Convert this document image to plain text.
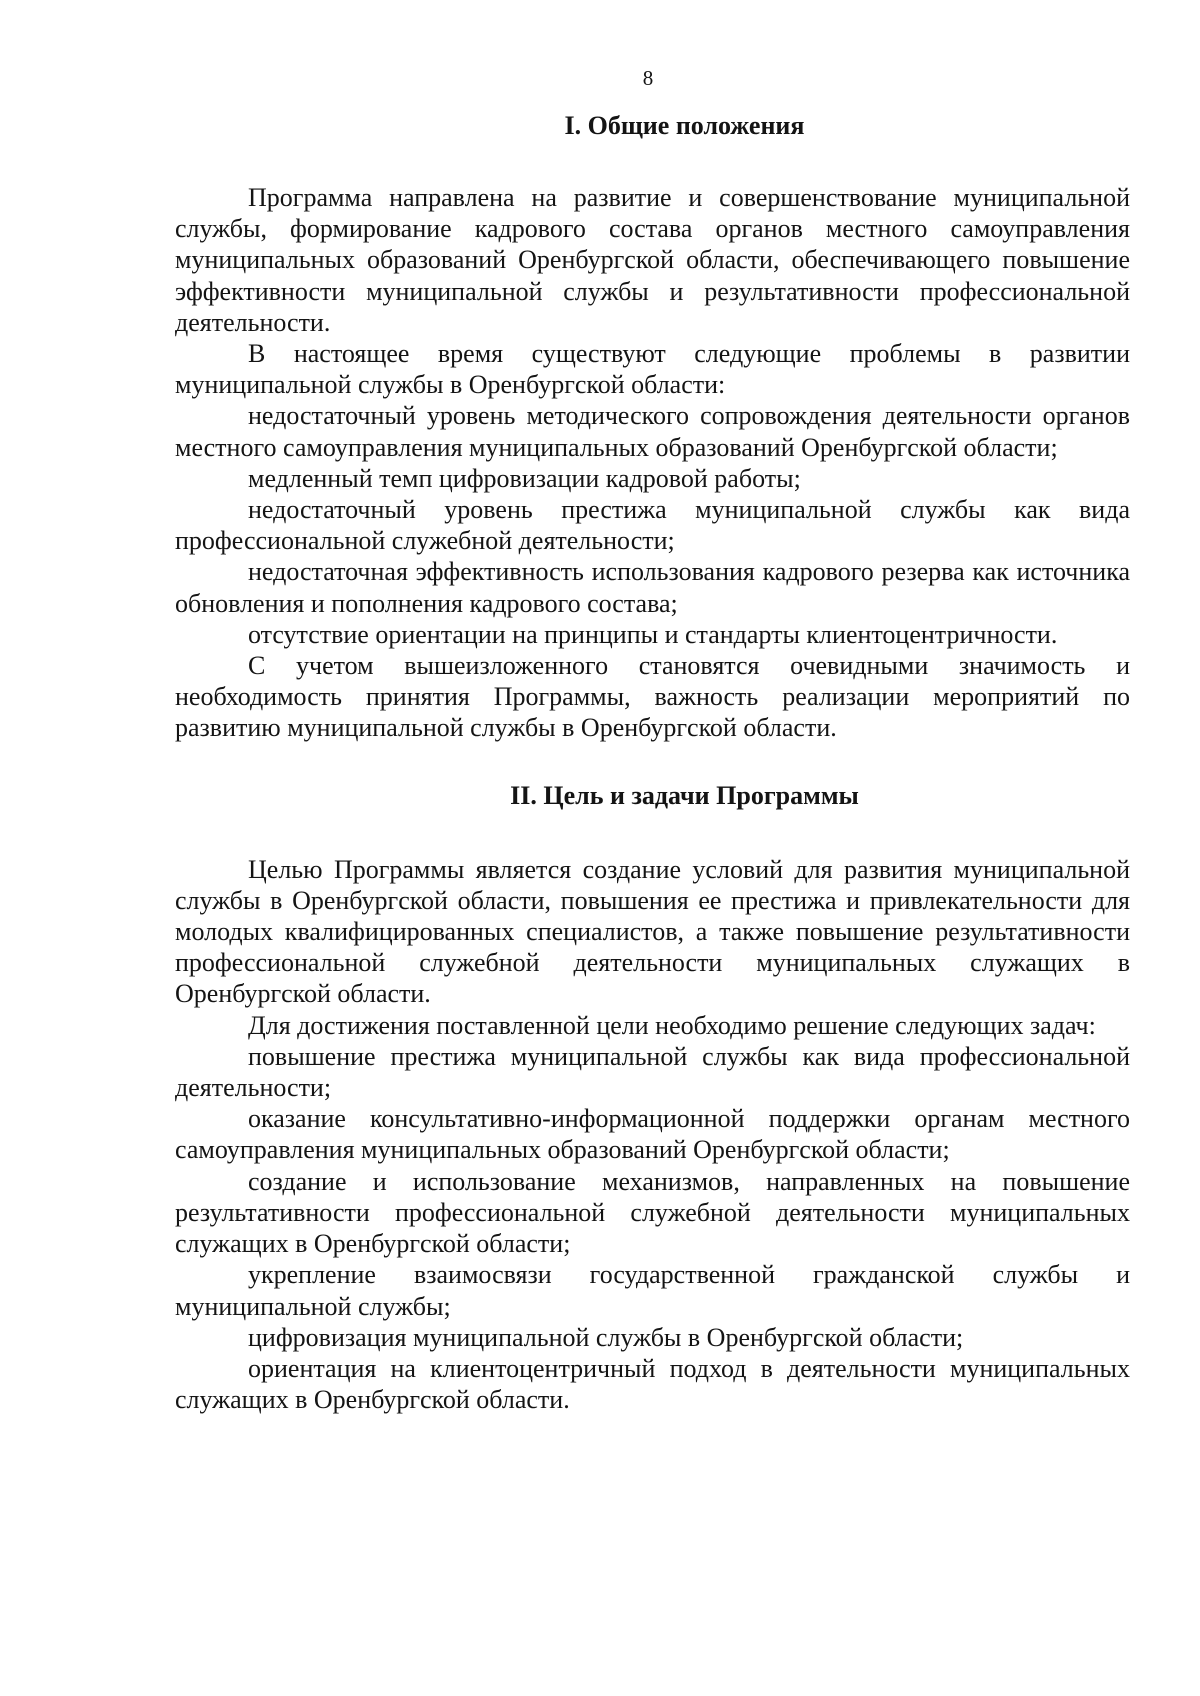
8
I. Общие положения

Программа направлена на развитие и совершенствование муниципальной службы, формирование кадрового состава органов местного самоуправления муниципальных образований Оренбургской области, обеспечивающего повышение эффективности муниципальной службы и результативности профессиональной деятельности.

В настоящее время существуют следующие проблемы в развитии муниципальной службы в Оренбургской области:

недостаточный уровень методического сопровождения деятельности органов местного самоуправления муниципальных образований Оренбургской области;

медленный темп цифровизации кадровой работы;

недостаточный уровень престижа муниципальной службы как вида профессиональной служебной деятельности;

недостаточная эффективность использования кадрового резерва как источника обновления и пополнения кадрового состава;

отсутствие ориентации на принципы и стандарты клиентоцентричности.

С учетом вышеизложенного становятся очевидными значимость и необходимость принятия Программы, важность реализации мероприятий по развитию муниципальной службы в Оренбургской области.

II. Цель и задачи Программы

Целью Программы является создание условий для развития муниципальной службы в Оренбургской области, повышения ее престижа и привлекательности для молодых квалифицированных специалистов, а также повышение результативности профессиональной служебной деятельности муниципальных служащих в Оренбургской области.

Для достижения поставленной цели необходимо решение следующих задач:

повышение престижа муниципальной службы как вида профессиональной деятельности;

оказание консультативно-информационной поддержки органам местного самоуправления муниципальных образований Оренбургской области;

создание и использование механизмов, направленных на повышение результативности профессиональной служебной деятельности муниципальных служащих в Оренбургской области;

укрепление взаимосвязи государственной гражданской службы и муниципальной службы;

цифровизация муниципальной службы в Оренбургской области;

ориентация на клиентоцентричный подход в деятельности муниципальных служащих в Оренбургской области.
